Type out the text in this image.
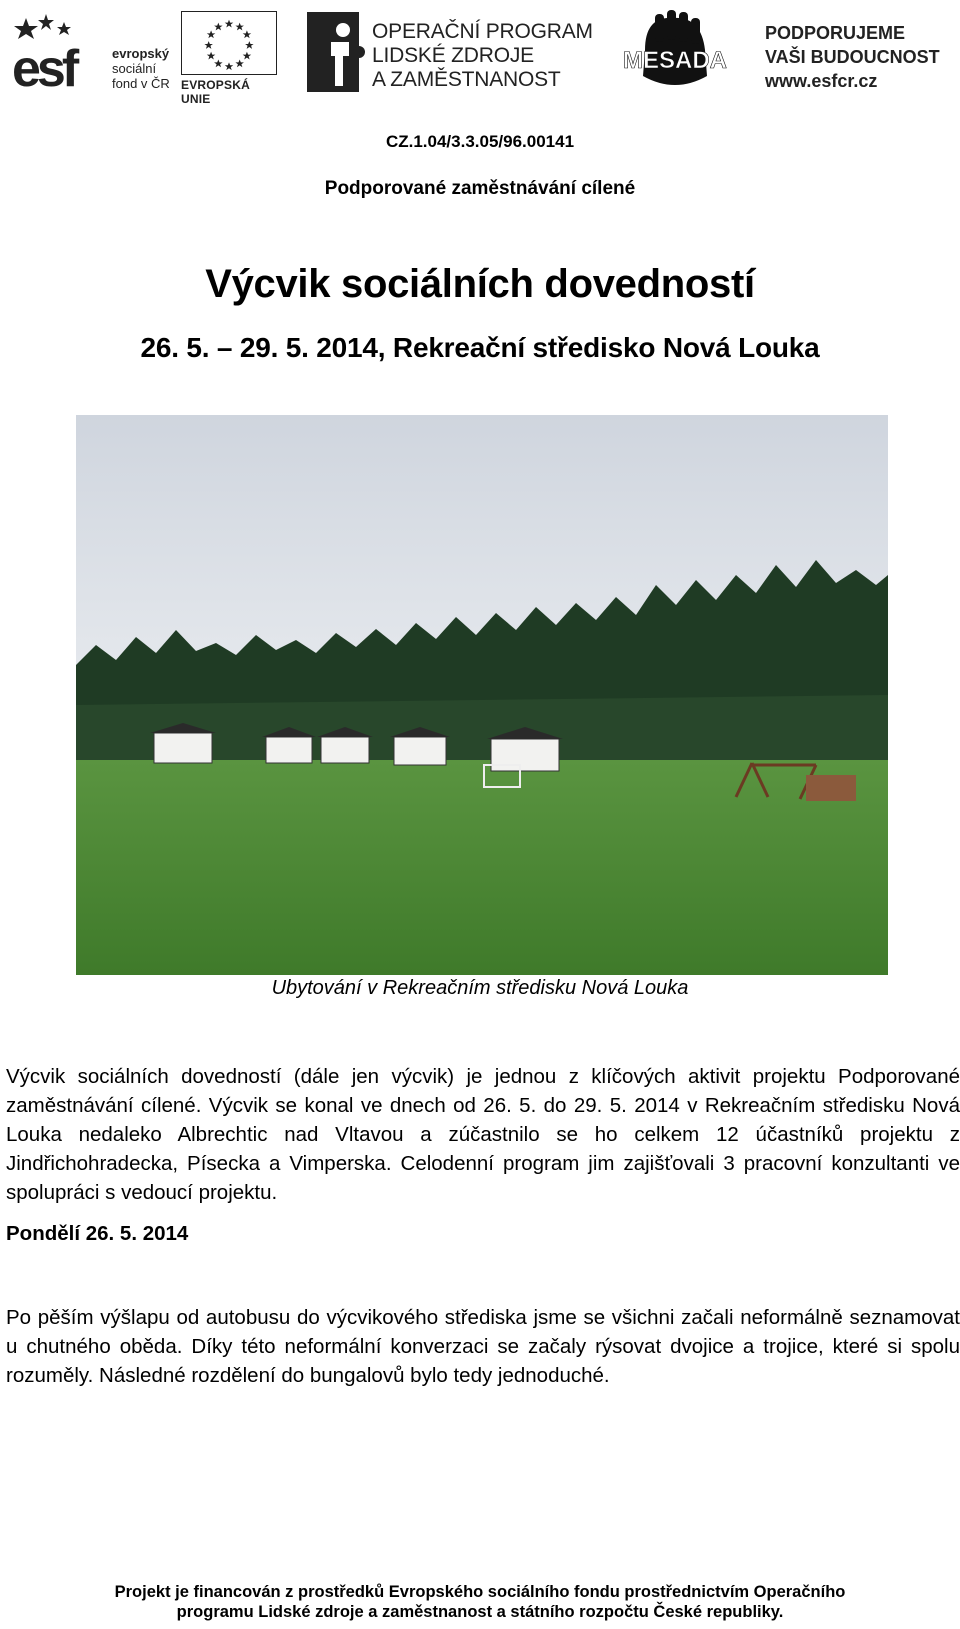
esf	evropský
sociální
fond v ČR EVROPSKÁ UNIE
OPERAČNÍ PROGRAM
LIDSKÉ ZDROJE
A ZAMĚSTNANOST
MESADA
PODPORUJEME
VAŠI BUDOUCNOST
www.esfcr.cz
CZ.1.04/3.3.05/96.00141
Podporované zaměstnávání cílené
Výcvik sociálních dovedností
26. 5. – 29. 5. 2014, Rekreační středisko Nová Louka
Ubytování v Rekreačním středisku Nová Louka

Výcvik sociálních dovedností (dále jen výcvik) je jednou z klíčových aktivit projektu Podporované zaměstnávání cílené. Výcvik se konal ve dnech od 26. 5. do 29. 5. 2014 v Rekreačním středisku Nová Louka nedaleko Albrechtic nad Vltavou a zúčastnilo se ho celkem 12 účastníků projektu z Jindřichohradecka, Písecka a Vimperska. Celodenní program jim zajišťovali 3 pracovní konzultanti ve spolupráci s vedoucí projektu.

Pondělí 26. 5. 2014

Po pěším výšlapu od autobusu do výcvikového střediska jsme se všichni začali neformálně seznamovat u chutného oběda. Díky této neformální konverzaci se začaly rýsovat dvojice a trojice, které si spolu rozuměly. Následné rozdělení do bungalovů bylo tedy jednoduché.

Projekt je financován z prostředků Evropského sociálního fondu prostřednictvím Operačního
programu Lidské zdroje a zaměstnanost a státního rozpočtu České republiky.
